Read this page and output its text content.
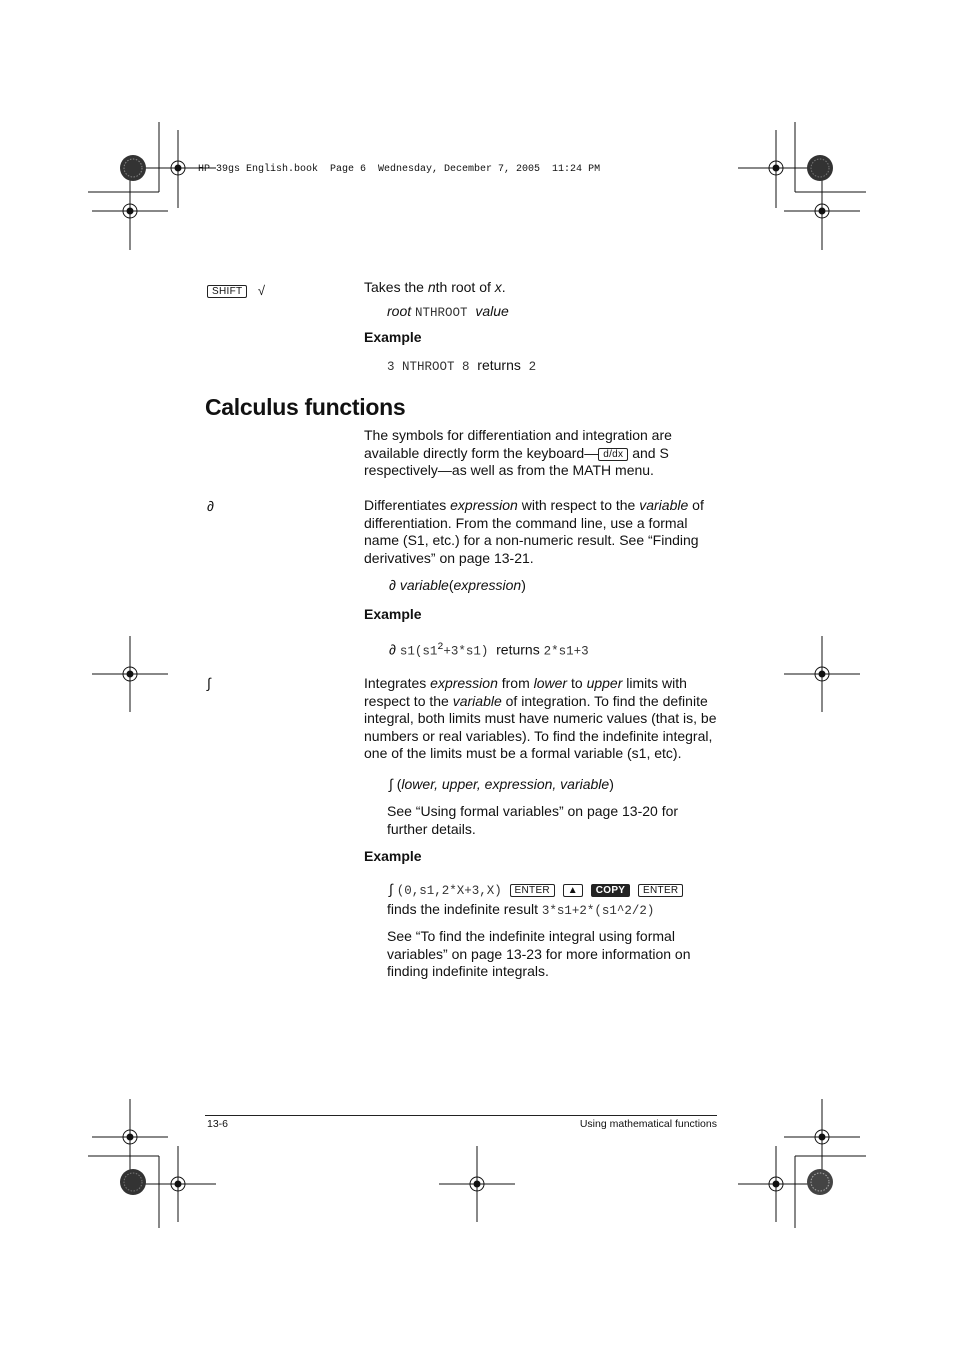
HP 39gs English.book  Page 6  Wednesday, December 7, 2005  11:24 PM
SHIFT √	Takes the nth root of x.
root NTHROOT value
Example
3 NTHROOT 8 returns 2
Calculus functions
The symbols for differentiation and integration are
available directly form the keyboard— d/dx and S
respectively—as well as from the MATH menu.
∂	Differentiates expression with respect to the variable of
differentiation. From the command line, use a formal
name (S1, etc.) for a non-numeric result. See “Finding
derivatives” on page 13-21.
∂ variable(expression)
Example
∂ $s1(s1^2+3*s1)$ returns 2*s1+3
∫	Integrates expression from lower to upper limits with
respect to the variable of integration. To find the definite
integral, both limits must have numeric values (that is, be
numbers or real variables). To find the indefinite integral,
one of the limits must be a formal variable (s1, etc).
∫ (lower, upper, expression, variable)
See “Using formal variables” on page 13-20 for
further details.
Example
∫ (0,s1,2*X+3,X) ENTER ▲ COPY ENTER
finds the indefinite result 3*s1+2*(s1^2/2)
See “To find the indefinite integral using formal
variables” on page 13-23 for more information on
finding indefinite integrals.
13-6	Using mathematical functions
